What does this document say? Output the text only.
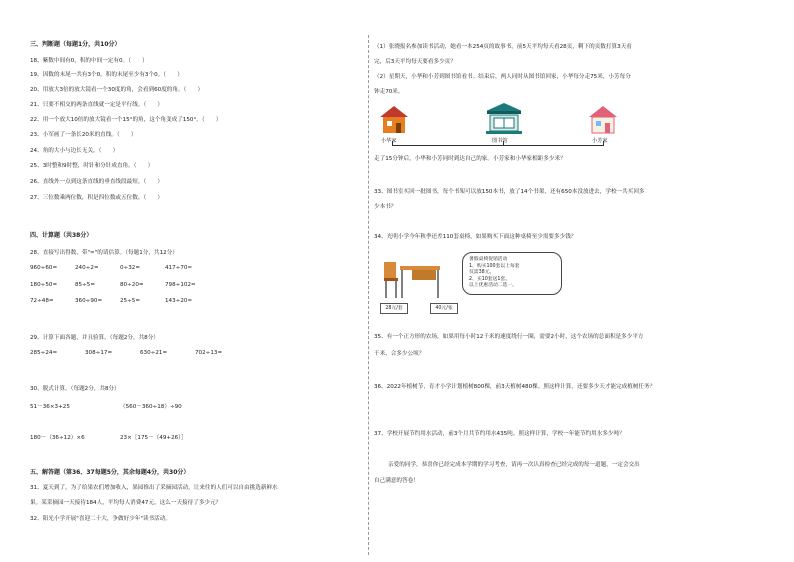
三、判断题（每题1分，共10分）
18、紫数中间有0，积的中间一定有0。（　　）
19、因数的末尾一共有3个0，积的末尾至少有3个0。（　　）
20、用放大3倍的放大镜看一个30度的角，会看到60度的角。（　　）
21、只要不相交的两条直线就一定是平行线。（　　）
22、用一个放大10倍的放大镜看一个15°的角，这个角变成了150°。（　　）
23、小军画了一条长20米的直线。（　　）
24、角的大小与边长无关。（　　）
25、3时整和9时整，时针和分针成直角。（　　）
26、直线外一点到这条直线的垂直线段最短。（　　）
27、三位数乘两位数，积是四位数或五位数。（　　）
四、计算题（共38分）
28、直接写出得数，带"≈"的请估算。（每题1分，共12分）
960÷60=	240÷2=	0÷32=	417÷70≈
180÷50=	85÷5=	80÷20=	798÷102≈
72÷48=	360÷90=	25÷5=	143÷20≈
29、计算下面各题，并且验算。（每题2分，共8分）
285÷24=	308÷17=	630÷21=	702÷13=
30、脱式计算。（每题2分，共8分）
51－36×3+25	（560－360÷18）÷90
180－（36÷12）×6	23×［175－（49+26）］
五、解答题（第36、37每题5分，其余每题4分，共30分）
31、夏天到了，为了给果农们增加收入，果园推出了采摘园活动，让来往的人们可以自由挑选新鲜水
果。某采摘园一天接待184人，平均每人消费47元，这么一天接待了多少元？
32、阳光小学开展"喜迎二十大，争做好少年"读书活动。
（1）张晓报名参加读书活动，她看一本254页的故事书，前5天平均每天看28页，剩下的页数打算3天看
完，后3天平均每天要看多少页？
（2）星期天，小华和小芳到图书馆看书。结束后，两人同时从图书馆回家，小华每分走75米，小芳每分
钟走70米。
小华家	图书馆	小芳家
走了15分钟后，小华和小芳同时到达自己的家。小芳家和小华家相距多少米？
33、图书室买回一批图书，每个书架可以放150本书，放了14个书架，还有650本没放进去，学校一共买回多
少本书？
34、光明小学今年秋季还差110套桌椅，如果购买下面这种桌椅至少需要多少钱？
28元/套	40元/张
暑假桌椅促销活动
1、购买100套以上每套
仅需38元。
2、买10套送1套。
以上优惠活动二选一。
35、有一个正方形的农场，如果用每小时12千米的速度绕行一圈，需要2小时，这个农场的总面积是多少平方
千米，合多少公顷？
36、2022年植树节，育才小学计划植树800棵，前3天植树480棵。照这样计算，还要多少天才能完成植树任务？
37、学校开展节约用水活动，前3个月共节约用水435吨。照这样计算，学校一年能节约用水多少吨？
亲爱的同学，恭喜你已经完成本学期的学习考查，请再一次认真检查已经完成的每一道题，一定会交出
自己满意的答卷！
